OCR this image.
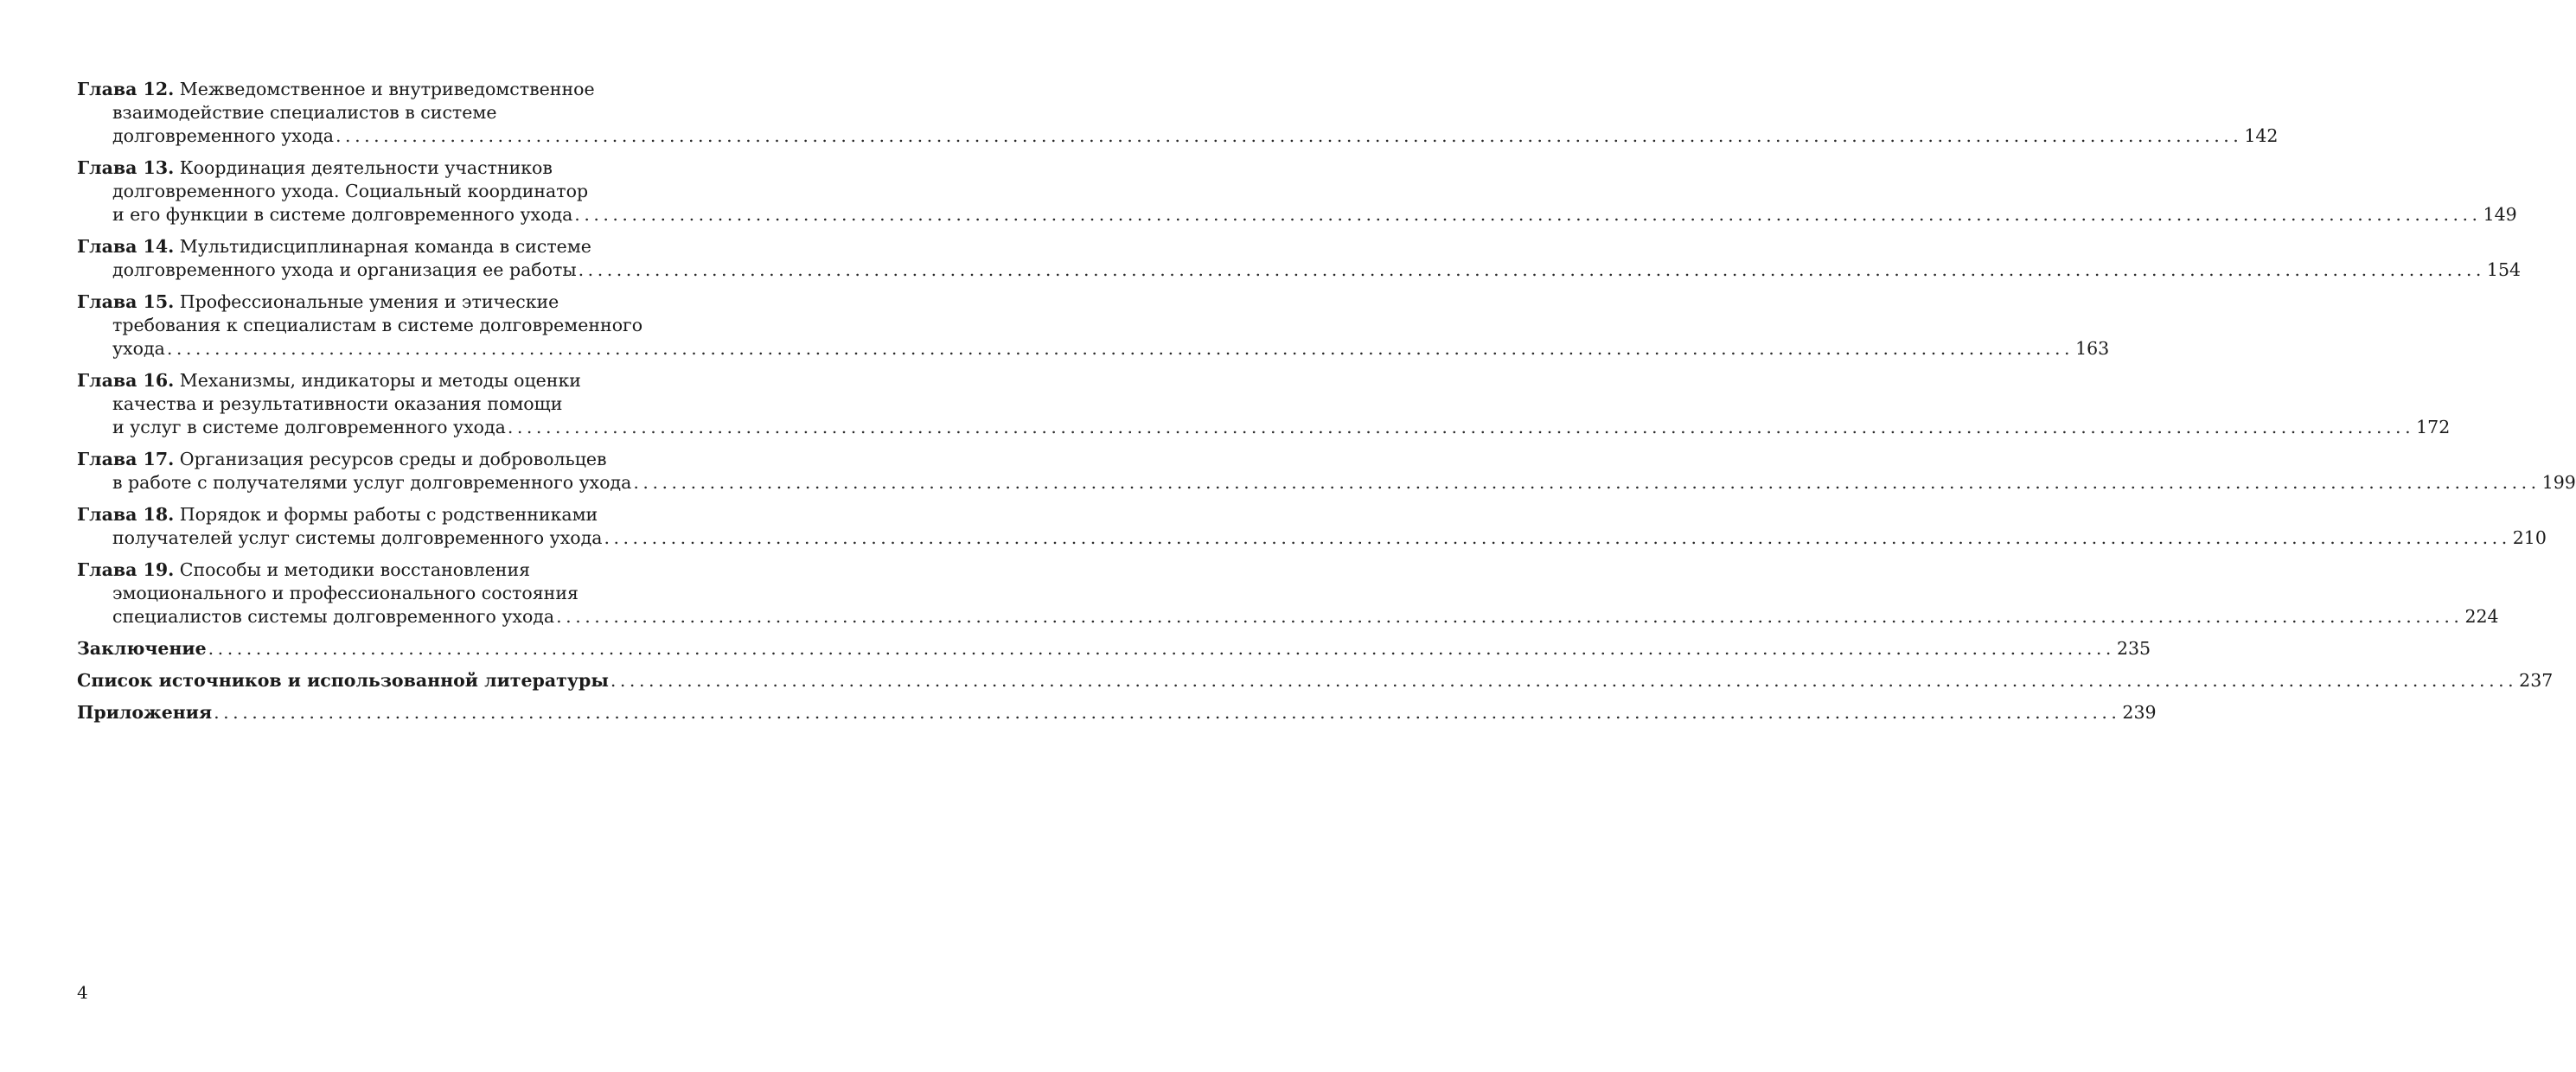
Глава 12. Межведомственное и внутриведомственное
взаимодействие специалистов в системе
долговременного ухода ........................................................................................................................................................................................................ 142
Глава 13. Координация деятельности участников
долговременного ухода. Социальный координатор
и его функции в системе долговременного ухода ........................................................................................................................................................................................................ 149
Глава 14. Мультидисциплинарная команда в системе
долговременного ухода и организация ее работы ........................................................................................................................................................................................................ 154
Глава 15. Профессиональные умения и этические
требования к специалистам в системе долговременного
ухода ........................................................................................................................................................................................................ 163
Глава 16. Механизмы, индикаторы и методы оценки
качества и результативности оказания помощи
и услуг в системе долговременного ухода ........................................................................................................................................................................................................ 172
Глава 17. Организация ресурсов среды и добровольцев
в работе с получателями услуг долговременного ухода ........................................................................................................................................................................................................ 199
Глава 18. Порядок и формы работы с родственниками
получателей услуг системы долговременного ухода ........................................................................................................................................................................................................ 210
Глава 19. Способы и методики восстановления
эмоционального и профессионального состояния
специалистов системы долговременного ухода ........................................................................................................................................................................................................ 224
Заключение ........................................................................................................................................................................................................ 235
Список источников и использованной литературы ........................................................................................................................................................................................................ 237
Приложения ........................................................................................................................................................................................................ 239
4
